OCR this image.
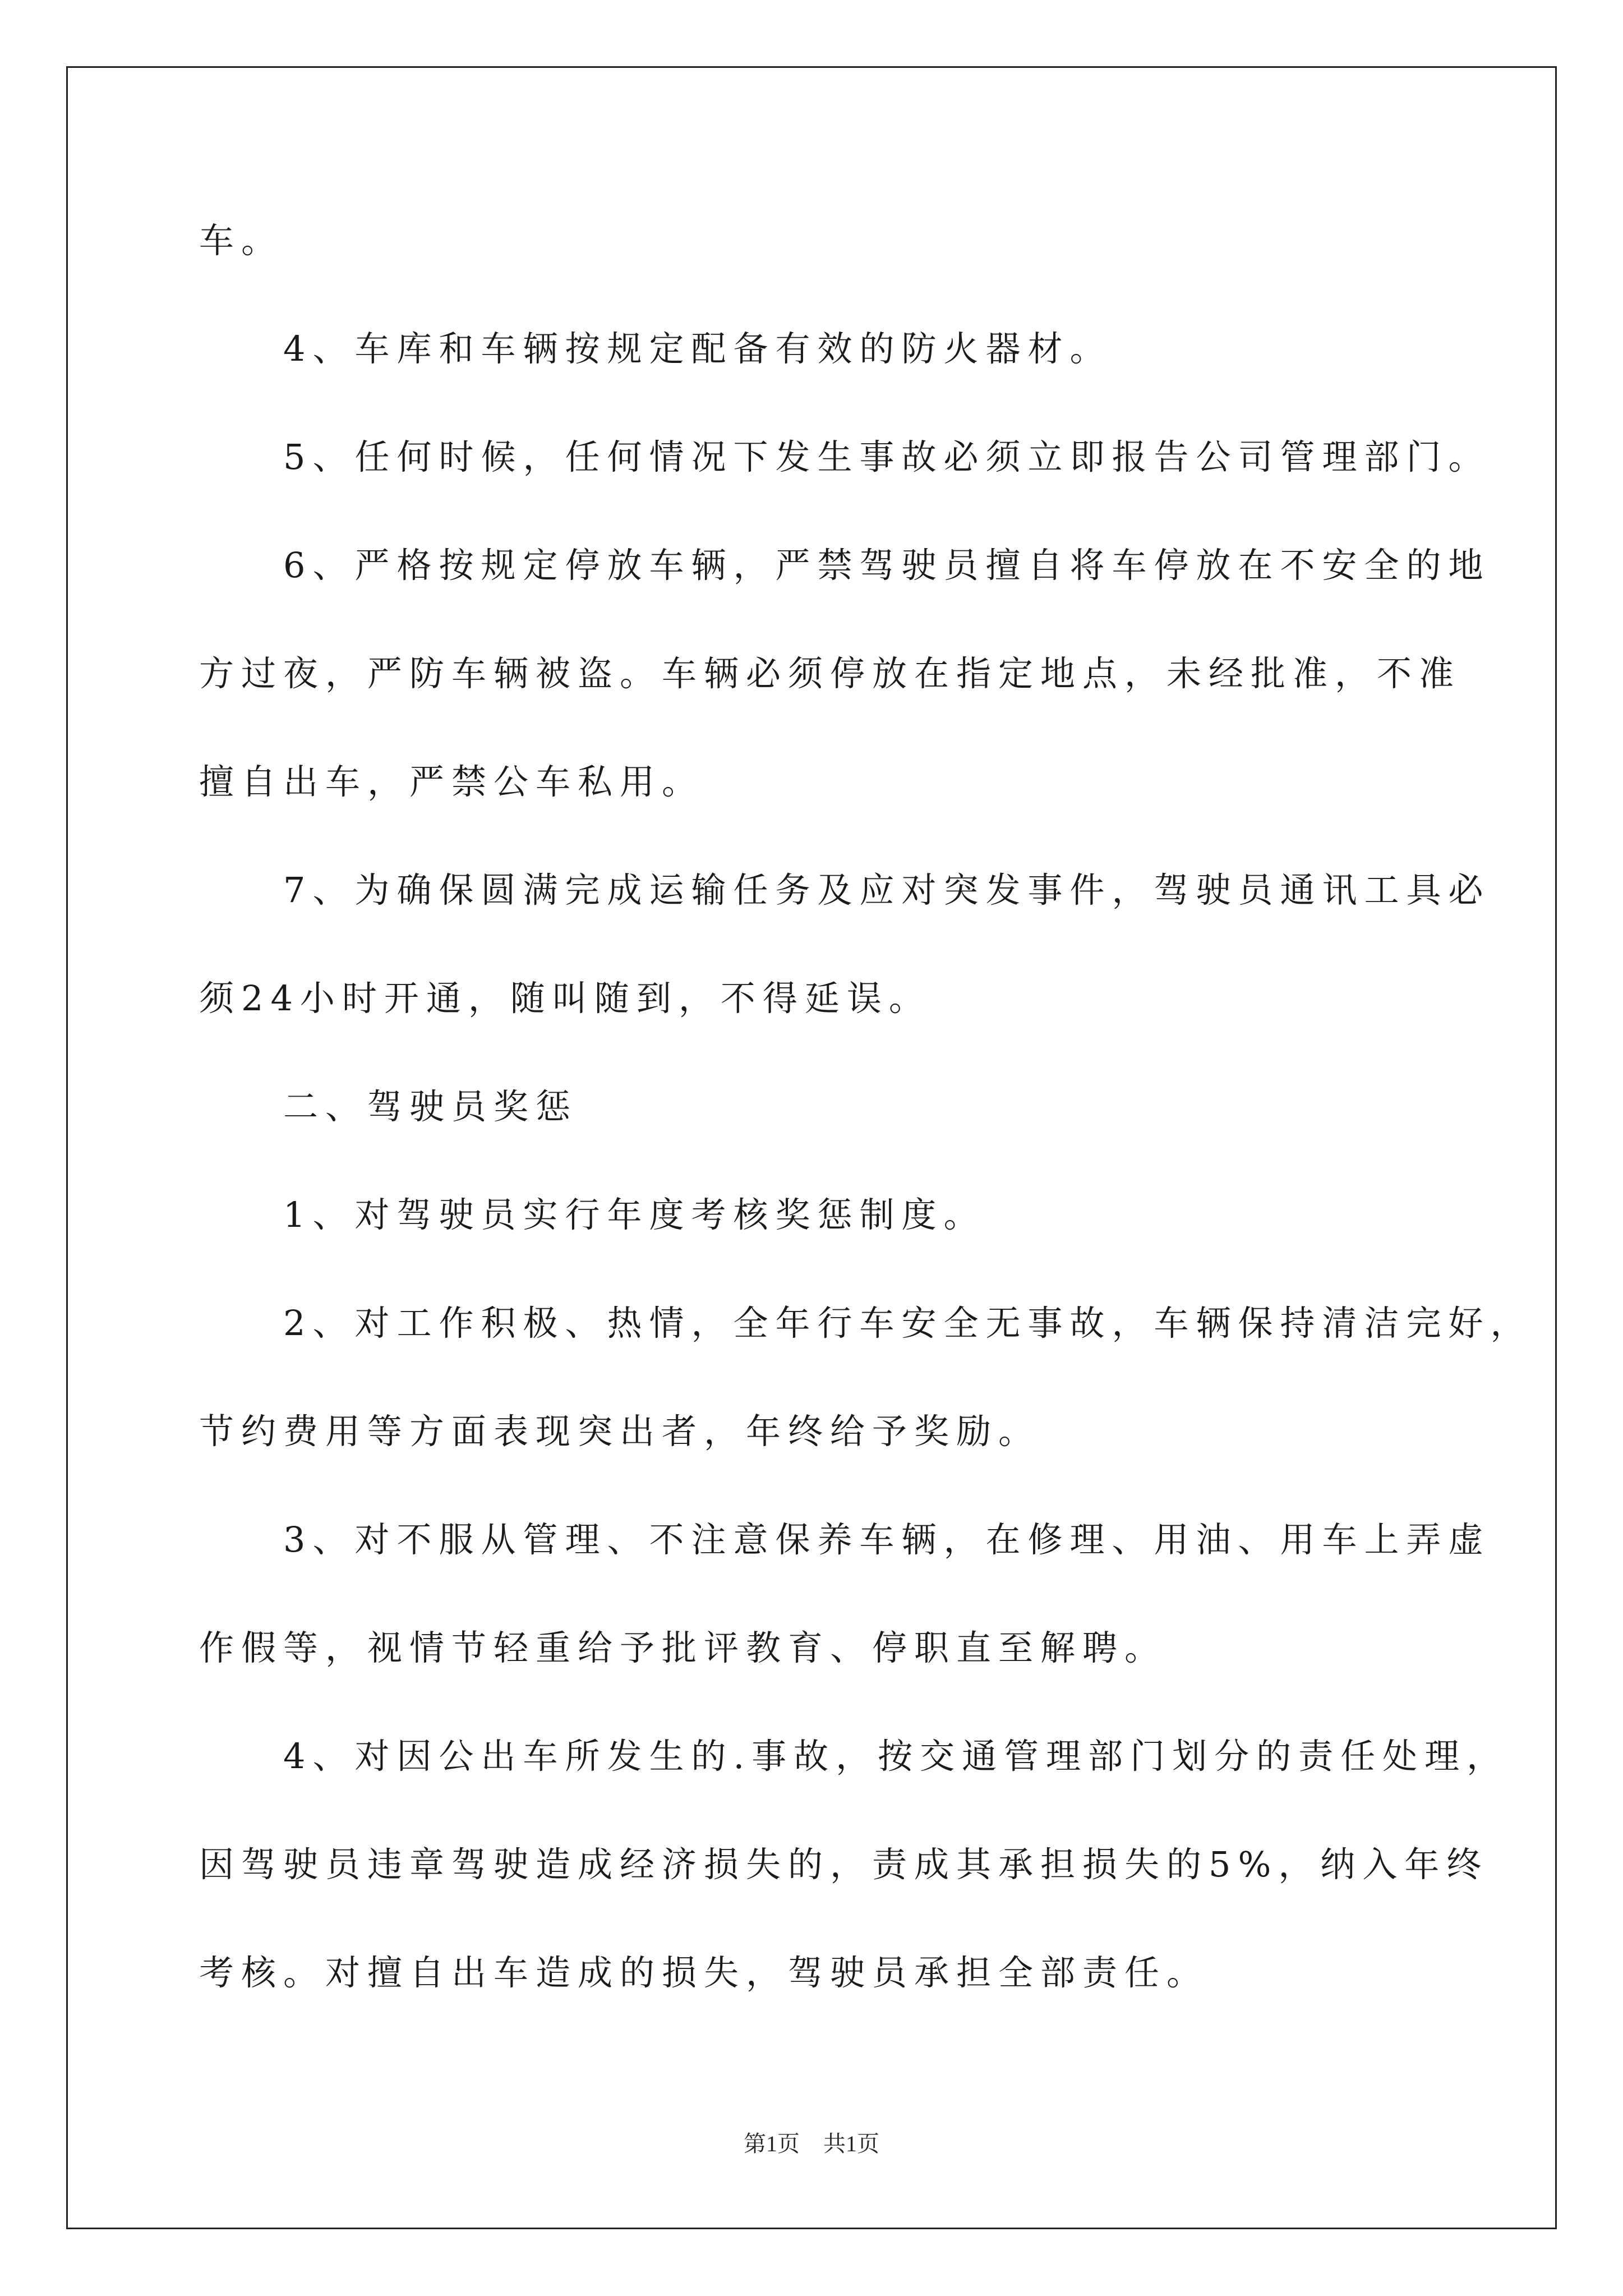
车。
　　4、车库和车辆按规定配备有效的防火器材。
　　5、任何时候，任何情况下发生事故必须立即报告公司管理部门。
　　6、严格按规定停放车辆，严禁驾驶员擅自将车停放在不安全的地
方过夜，严防车辆被盗。车辆必须停放在指定地点，未经批准，不准
擅自出车，严禁公车私用。
　　7、为确保圆满完成运输任务及应对突发事件，驾驶员通讯工具必
须24小时开通，随叫随到，不得延误。
　　二、驾驶员奖惩
　　1、对驾驶员实行年度考核奖惩制度。
　　2、对工作积极、热情，全年行车安全无事故，车辆保持清洁完好，
节约费用等方面表现突出者，年终给予奖励。
　　3、对不服从管理、不注意保养车辆，在修理、用油、用车上弄虚
作假等，视情节轻重给予批评教育、停职直至解聘。
　　4、对因公出车所发生的.事故，按交通管理部门划分的责任处理，
因驾驶员违章驾驶造成经济损失的，责成其承担损失的5%，纳入年终
考核。对擅自出车造成的损失，驾驶员承担全部责任。
第1页 共1页
